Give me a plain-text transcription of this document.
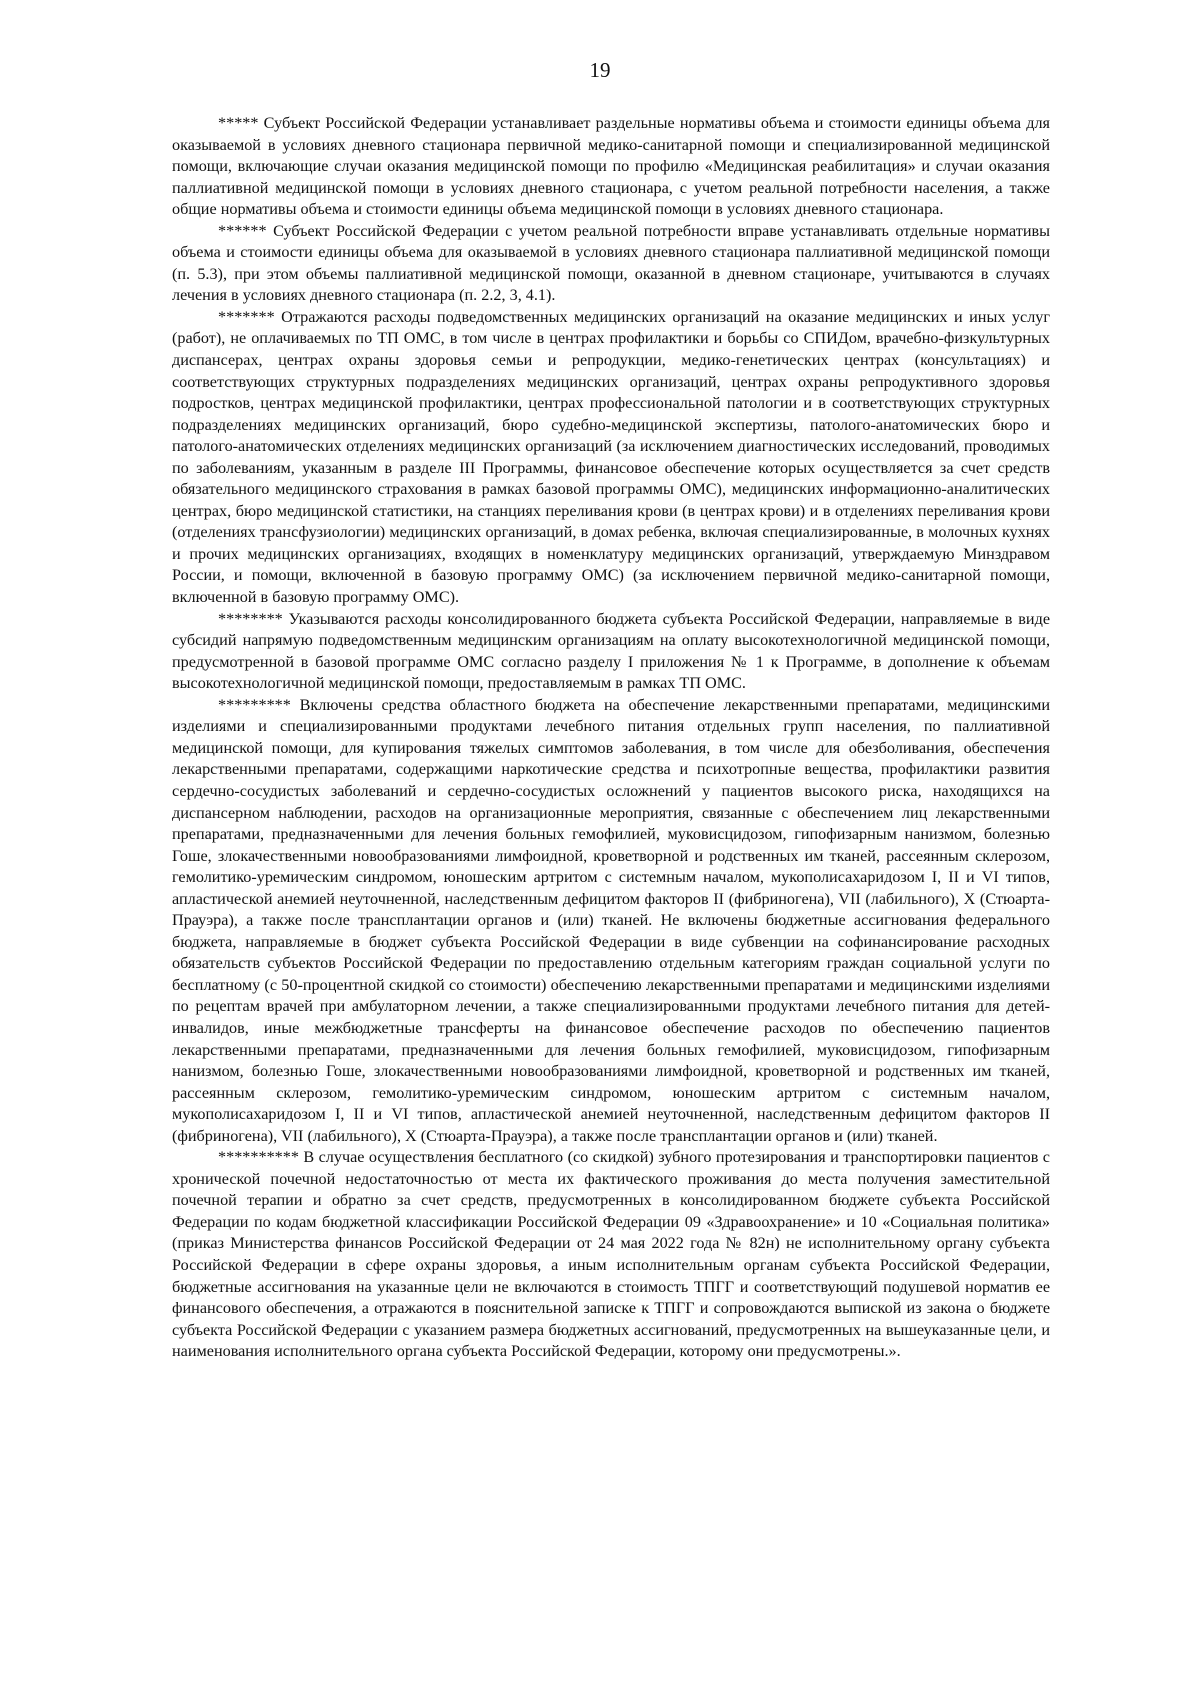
19

***** Субъект Российской Федерации устанавливает раздельные нормативы объема и стоимости единицы объема для оказываемой в условиях дневного стационара первичной медико-санитарной помощи и специализированной медицинской помощи, включающие случаи оказания медицинской помощи по профилю «Медицинская реабилитация» и случаи оказания паллиативной медицинской помощи в условиях дневного стационара, с учетом реальной потребности населения, а также общие нормативы объема и стоимости единицы объема медицинской помощи в условиях дневного стационара.

****** Субъект Российской Федерации с учетом реальной потребности вправе устанавливать отдельные нормативы объема и стоимости единицы объема для оказываемой в условиях дневного стационара паллиативной медицинской помощи (п. 5.3), при этом объемы паллиативной медицинской помощи, оказанной в дневном стационаре, учитываются в случаях лечения в условиях дневного стационара (п. 2.2, 3, 4.1).

******* Отражаются расходы подведомственных медицинских организаций на оказание медицинских и иных услуг (работ), не оплачиваемых по ТП ОМС, в том числе в центрах профилактики и борьбы со СПИДом, врачебно-физкультурных диспансерах, центрах охраны здоровья семьи и репродукции, медико-генетических центрах (консультациях) и соответствующих структурных подразделениях медицинских организаций, центрах охраны репродуктивного здоровья подростков, центрах медицинской профилактики, центрах профессиональной патологии и в соответствующих структурных подразделениях медицинских организаций, бюро судебно-медицинской экспертизы, патолого-анатомических бюро и патолого-анатомических отделениях медицинских организаций (за исключением диагностических исследований, проводимых по заболеваниям, указанным в разделе III Программы, финансовое обеспечение которых осуществляется за счет средств обязательного медицинского страхования в рамках базовой программы ОМС), медицинских информационно-аналитических центрах, бюро медицинской статистики, на станциях переливания крови (в центрах крови) и в отделениях переливания крови (отделениях трансфузиологии) медицинских организаций, в домах ребенка, включая специализированные, в молочных кухнях и прочих медицинских организациях, входящих в номенклатуру медицинских организаций, утверждаемую Минздравом России, и помощи, включенной в базовую программу ОМС) (за исключением первичной медико-санитарной помощи, включенной в базовую программу ОМС).

******** Указываются расходы консолидированного бюджета субъекта Российской Федерации, направляемые в виде субсидий напрямую подведомственным медицинским организациям на оплату высокотехнологичной медицинской помощи, предусмотренной в базовой программе ОМС согласно разделу I приложения № 1 к Программе, в дополнение к объемам высокотехнологичной медицинской помощи, предоставляемым в рамках ТП ОМС.

********* Включены средства областного бюджета на обеспечение лекарственными препаратами, медицинскими изделиями и специализированными продуктами лечебного питания отдельных групп населения, по паллиативной медицинской помощи, для купирования тяжелых симптомов заболевания, в том числе для обезболивания, обеспечения лекарственными препаратами, содержащими наркотические средства и психотропные вещества, профилактики развития сердечно-сосудистых заболеваний и сердечно-сосудистых осложнений у пациентов высокого риска, находящихся на диспансерном наблюдении, расходов на организационные мероприятия, связанные с обеспечением лиц лекарственными препаратами, предназначенными для лечения больных гемофилией, муковисцидозом, гипофизарным нанизмом, болезнью Гоше, злокачественными новообразованиями лимфоидной, кроветворной и родственных им тканей, рассеянным склерозом, гемолитико-уремическим синдромом, юношеским артритом с системным началом, мукополисахаридозом I, II и VI типов, апластической анемией неуточненной, наследственным дефицитом факторов II (фибриногена), VII (лабильного), X (Стюарта-Прауэра), а также после трансплантации органов и (или) тканей. Не включены бюджетные ассигнования федерального бюджета, направляемые в бюджет субъекта Российской Федерации в виде субвенции на софинансирование расходных обязательств субъектов Российской Федерации по предоставлению отдельным категориям граждан социальной услуги по бесплатному (с 50-процентной скидкой со стоимости) обеспечению лекарственными препаратами и медицинскими изделиями по рецептам врачей при амбулаторном лечении, а также специализированными продуктами лечебного питания для детей-инвалидов, иные межбюджетные трансферты на финансовое обеспечение расходов по обеспечению пациентов лекарственными препаратами, предназначенными для лечения больных гемофилией, муковисцидозом, гипофизарным нанизмом, болезнью Гоше, злокачественными новообразованиями лимфоидной, кроветворной и родственных им тканей, рассеянным склерозом, гемолитико-уремическим синдромом, юношеским артритом с системным началом, мукополисахаридозом I, II и VI типов, апластической анемией неуточненной, наследственным дефицитом факторов II (фибриногена), VII (лабильного), X (Стюарта-Прауэра), а также после трансплантации органов и (или) тканей.

********** В случае осуществления бесплатного (со скидкой) зубного протезирования и транспортировки пациентов с хронической почечной недостаточностью от места их фактического проживания до места получения заместительной почечной терапии и обратно за счет средств, предусмотренных в консолидированном бюджете субъекта Российской Федерации по кодам бюджетной классификации Российской Федерации 09 «Здравоохранение» и 10 «Социальная политика» (приказ Министерства финансов Российской Федерации от 24 мая 2022 года № 82н) не исполнительному органу субъекта Российской Федерации в сфере охраны здоровья, а иным исполнительным органам субъекта Российской Федерации, бюджетные ассигнования на указанные цели не включаются в стоимость ТПГГ и соответствующий подушевой норматив ее финансового обеспечения, а отражаются в пояснительной записке к ТПГГ и сопровождаются выпиской из закона о бюджете субъекта Российской Федерации с указанием размера бюджетных ассигнований, предусмотренных на вышеуказанные цели, и наименования исполнительного органа субъекта Российской Федерации, которому они предусмотрены.».
